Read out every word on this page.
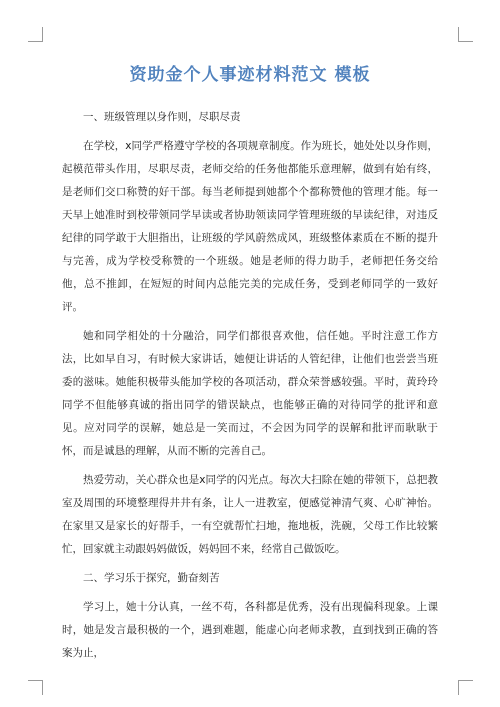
资助金个人事迹材料范文 模板

一、班级管理以身作则，尽职尽责

在学校，x同学严格遵守学校的各项规章制度。作为班长，她处处以身作则，起模范带头作用，尽职尽责，老师交给的任务他都能乐意理解，做到有始有终，是老师们交口称赞的好干部。每当老师提到她都个个都称赞他的管理才能。每一天早上她准时到校带领同学早读或者协助领读同学管理班级的早读纪律，对违反纪律的同学敢于大胆指出，让班级的学风蔚然成风，班级整体素质在不断的提升与完善，成为学校受称赞的一个班级。她是老师的得力助手，老师把任务交给他，总不推卸，在短短的时间内总能完美的完成任务，受到老师同学的一致好评。

她和同学相处的十分融洽，同学们都很喜欢他，信任她。平时注意工作方法，比如早自习，有时候大家讲话，她便让讲话的人管纪律，让他们也尝尝当班委的滋味。她能积极带头能加学校的各项活动，群众荣誉感较强。平时，黄玲玲同学不但能够真诚的指出同学的错误缺点，也能够正确的对待同学的批评和意见。应对同学的误解，她总是一笑而过，不会因为同学的误解和批评而耿耿于怀，而是诚恳的理解，从而不断的完善自己。

热爱劳动，关心群众也是x同学的闪光点。每次大扫除在她的带领下，总把教室及周围的环境整理得井井有条，让人一进教室，便感觉神清气爽、心旷神怡。在家里又是家长的好帮手，一有空就帮忙扫地，拖地板，洗碗，父母工作比较繁忙，回家就主动跟妈妈做饭，妈妈回不来，经常自己做饭吃。

二、学习乐于探究，勤奋刻苦

学习上，她十分认真，一丝不苟，各科都是优秀，没有出现偏科现象。上课时，她是发言最积极的一个，遇到难题，能虚心向老师求教，直到找到正确的答案为止，
